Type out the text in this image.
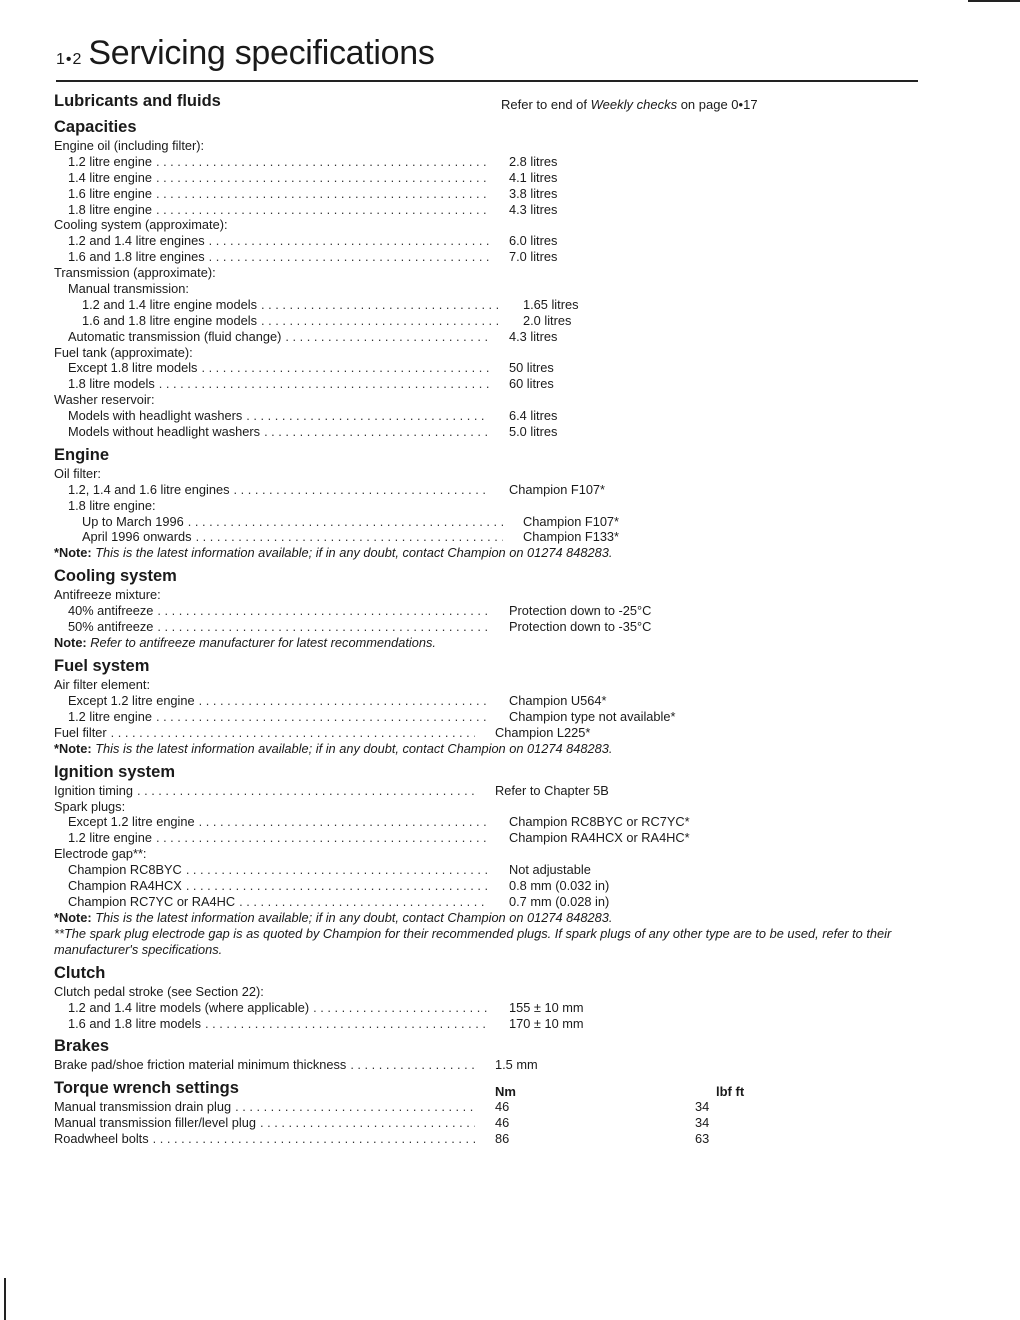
1•2 Servicing specifications
Lubricants and fluids	Refer to end of Weekly checks on page 0•17
Capacities
Engine oil (including filter):
1.2 litre engine . . .	2.8 litres
1.4 litre engine . . .	4.1 litres
1.6 litre engine . . .	3.8 litres
1.8 litre engine . . .	4.3 litres
Cooling system (approximate):
1.2 and 1.4 litre engines . . .	6.0 litres
1.6 and 1.8 litre engines . . .	7.0 litres
Transmission (approximate):
Manual transmission:
1.2 and 1.4 litre engine models . . .	1.65 litres
1.6 and 1.8 litre engine models . . .	2.0 litres
Automatic transmission (fluid change) . . .	4.3 litres
Fuel tank (approximate):
Except 1.8 litre models . . .	50 litres
1.8 litre models . . .	60 litres
Washer reservoir:
Models with headlight washers . . .	6.4 litres
Models without headlight washers . . .	5.0 litres
Engine
Oil filter:
1.2, 1.4 and 1.6 litre engines . . .	Champion F107*
1.8 litre engine:
Up to March 1996 . . .	Champion F107*
April 1996 onwards . . .	Champion F133*
*Note: This is the latest information available; if in any doubt, contact Champion on 01274 848283.
Cooling system
Antifreeze mixture:
40% antifreeze . . .	Protection down to -25°C
50% antifreeze . . .	Protection down to -35°C
Note: Refer to antifreeze manufacturer for latest recommendations.
Fuel system
Air filter element:
Except 1.2 litre engine . . .	Champion U564*
1.2 litre engine . . .	Champion type not available*
Fuel filter . . .	Champion L225*
*Note: This is the latest information available; if in any doubt, contact Champion on 01274 848283.
Ignition system
Ignition timing . . .	Refer to Chapter 5B
Spark plugs:
Except 1.2 litre engine . . .	Champion RC8BYC or RC7YC*
1.2 litre engine . . .	Champion RA4HCX or RA4HC*
Electrode gap**:
Champion RC8BYC . . .	Not adjustable
Champion RA4HCX . . .	0.8 mm (0.032 in)
Champion RC7YC or RA4HC . . .	0.7 mm (0.028 in)
*Note: This is the latest information available; if in any doubt, contact Champion on 01274 848283.
**The spark plug electrode gap is as quoted by Champion for their recommended plugs. If spark plugs of any other type are to be used, refer to their manufacturer's specifications.
Clutch
Clutch pedal stroke (see Section 22):
1.2 and 1.4 litre models (where applicable) . . .	155 ± 10 mm
1.6 and 1.8 litre models . . .	170 ± 10 mm
Brakes
Brake pad/shoe friction material minimum thickness . . .	1.5 mm
Torque wrench settings	Nm	lbf ft
Manual transmission drain plug . . .	46	34
Manual transmission filler/level plug . . .	46	34
Roadwheel bolts . . .	86	63
